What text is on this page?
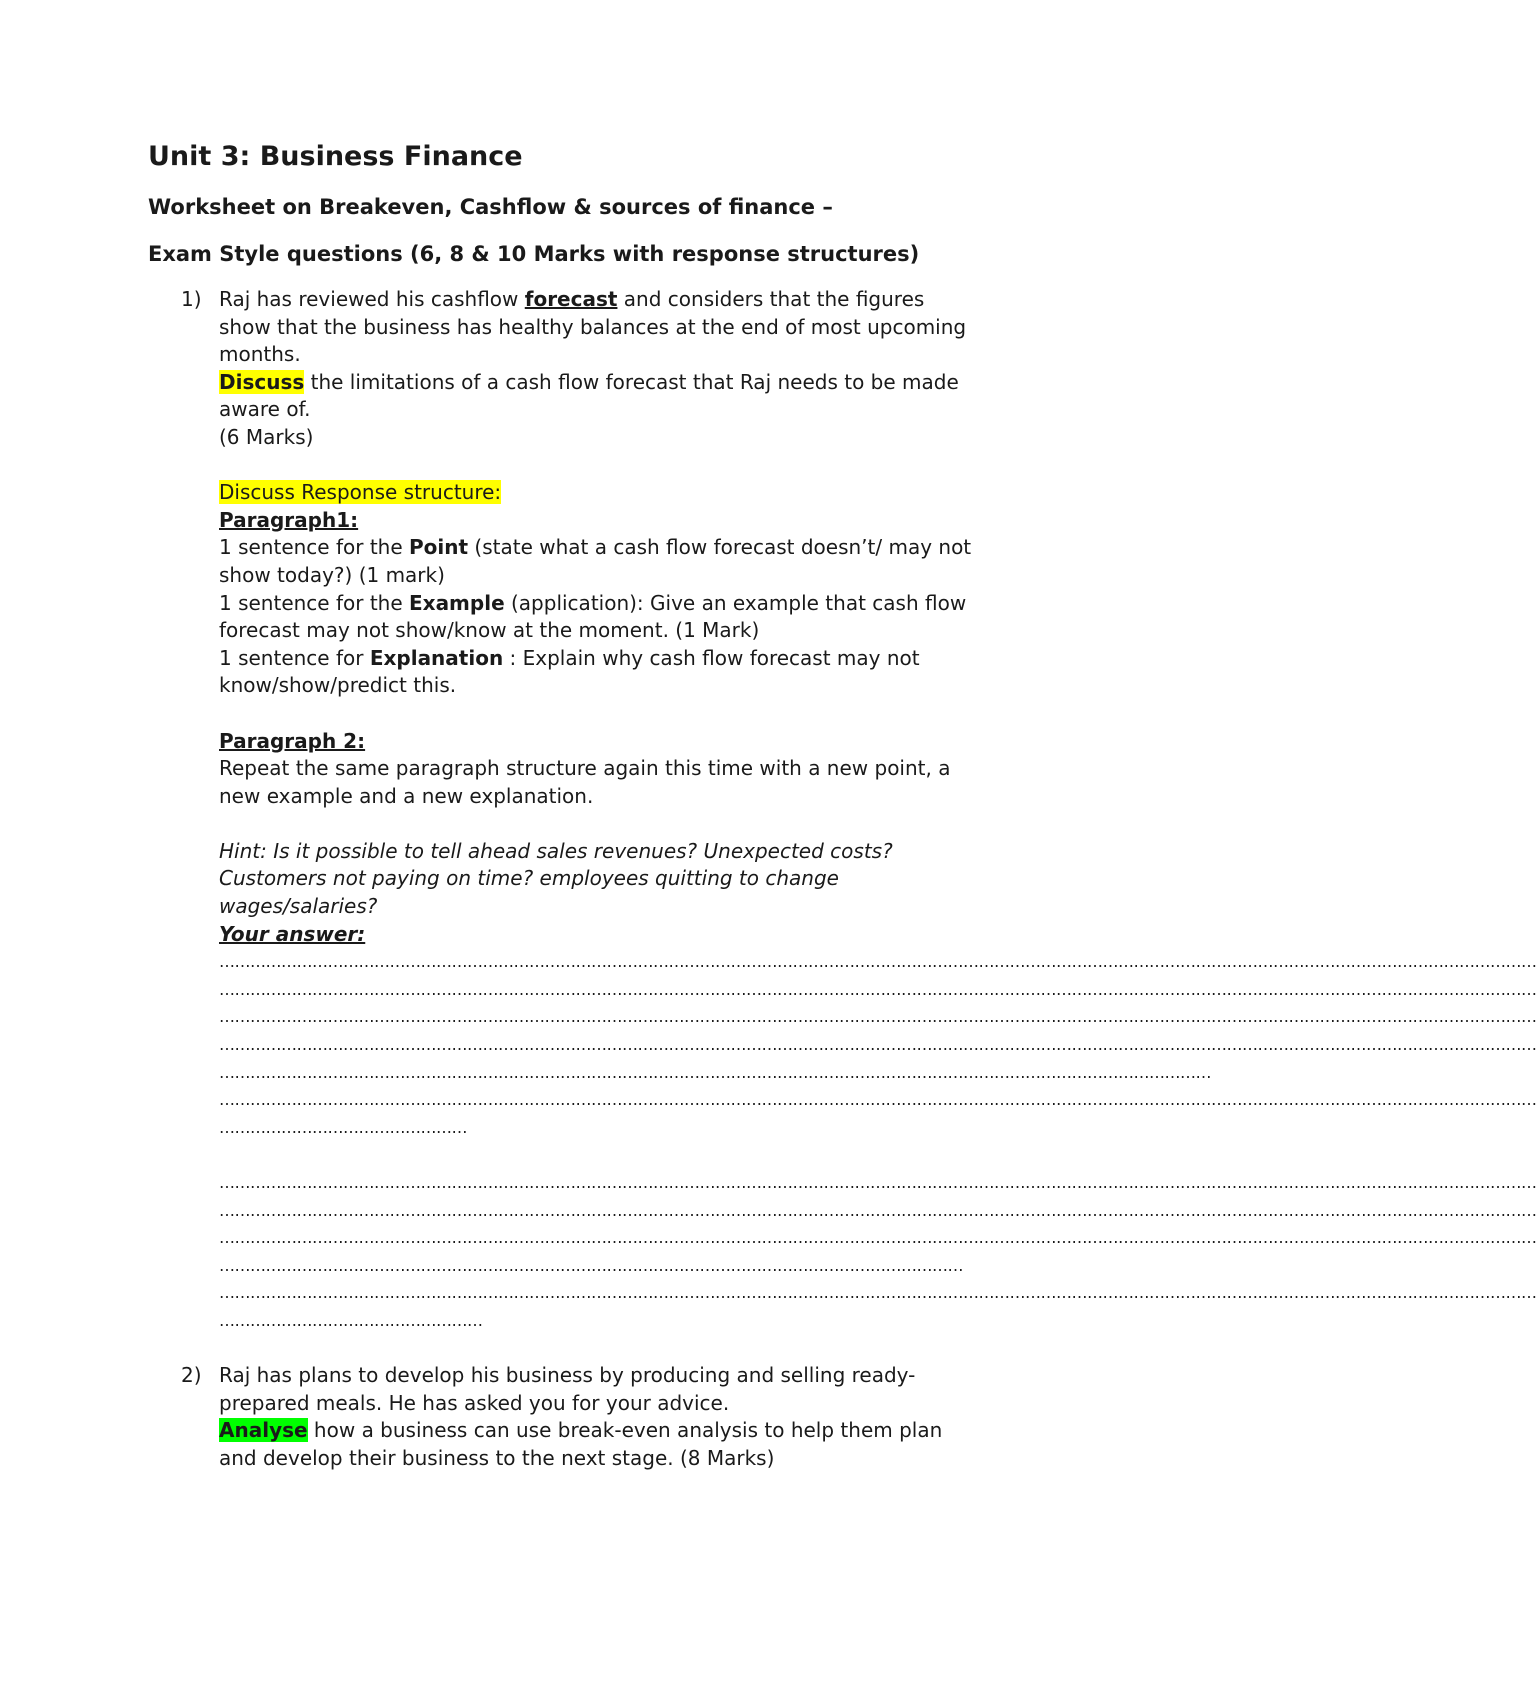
Unit 3: Business Finance
Worksheet on Breakeven, Cashflow & sources of finance –
Exam Style questions (6, 8 & 10 Marks with response structures)
1) Raj has reviewed his cashflow forecast and considers that the figures
show that the business has healthy balances at the end of most upcoming
months.
Discuss the limitations of a cash flow forecast that Raj needs to be made
aware of.
(6 Marks)
Discuss Response structure:
Paragraph1:
1 sentence for the Point (state what a cash flow forecast doesn’t/ may not
show today?) (1 mark)
1 sentence for the Example (application): Give an example that cash flow
forecast may not show/know at the moment. (1 Mark)
1 sentence for Explanation : Explain why cash flow forecast may not
know/show/predict this.
Paragraph 2:
Repeat the same paragraph structure again this time with a new point, a
new example and a new explanation.
Hint: Is it possible to tell ahead sales revenues? Unexpected costs?
Customers not paying on time? employees quitting to change
wages/salaries?
Your answer:
…………………………………………………………………………………………………………………………………………………………………………………………………………………………………
…………………………………………………………………………………………………………………………………………………………………………………………………………………………………
…………………………………………………………………………………………………………………………………………………………………………………………………………………………………
…………………………………………………………………………………………………………………………………………………………………………………………………………………………………
…………………………………………………………………………………………………………………………………………………………………………
…………………………………………………………………………………………………………………………………………………………………………………………………………………………………
…………………………………………
…………………………………………………………………………………………………………………………………………………………………………………………………………………………………
…………………………………………………………………………………………………………………………………………………………………………………………………………………………………
…………………………………………………………………………………………………………………………………………………………………………………………………………………………………
………………………………………………………………………………………………………………………………
…………………………………………………………………………………………………………………………………………………………………………………………………………………………………
……………………………………………
2) Raj has plans to develop his business by producing and selling ready-
prepared meals. He has asked you for your advice.
Analyse how a business can use break-even analysis to help them plan
and develop their business to the next stage. (8 Marks)
